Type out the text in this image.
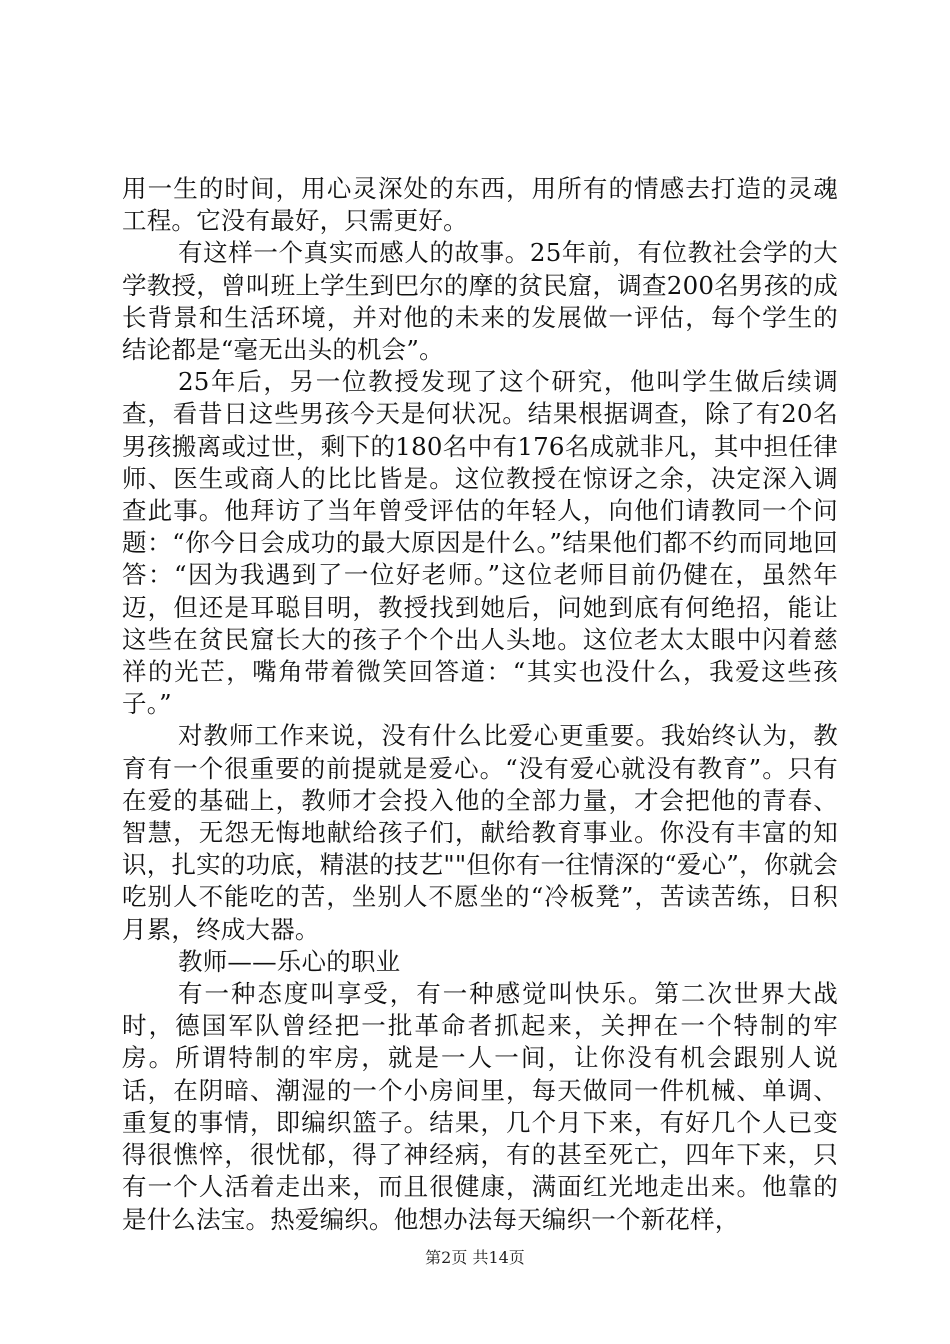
用一生的时间，用心灵深处的东西，用所有的情感去打造的灵魂工程。它没有最好，只需更好。

有这样一个真实而感人的故事。25年前，有位教社会学的大学教授，曾叫班上学生到巴尔的摩的贫民窟，调查200名男孩的成长背景和生活环境，并对他的未来的发展做一评估，每个学生的结论都是“毫无出头的机会”。

25年后，另一位教授发现了这个研究，他叫学生做后续调查，看昔日这些男孩今天是何状况。结果根据调查，除了有20名男孩搬离或过世，剩下的180名中有176名成就非凡，其中担任律师、医生或商人的比比皆是。这位教授在惊讶之余，决定深入调查此事。他拜访了当年曾受评估的年轻人，向他们请教同一个问题：“你今日会成功的最大原因是什么。”结果他们都不约而同地回答：“因为我遇到了一位好老师。”这位老师目前仍健在，虽然年迈，但还是耳聪目明，教授找到她后，问她到底有何绝招，能让这些在贫民窟长大的孩子个个出人头地。这位老太太眼中闪着慈祥的光芒，嘴角带着微笑回答道：“其实也没什么，我爱这些孩子。”

对教师工作来说，没有什么比爱心更重要。我始终认为，教育有一个很重要的前提就是爱心。“没有爱心就没有教育”。只有在爱的基础上，教师才会投入他的全部力量，才会把他的青春、智慧，无怨无悔地献给孩子们，献给教育事业。你没有丰富的知识，扎实的功底，精湛的技艺""但你有一往情深的“爱心”，你就会吃别人不能吃的苦，坐别人不愿坐的“冷板凳”，苦读苦练，日积月累，终成大器。

教师——乐心的职业

有一种态度叫享受，有一种感觉叫快乐。第二次世界大战时，德国军队曾经把一批革命者抓起来，关押在一个特制的牢房。所谓特制的牢房，就是一人一间，让你没有机会跟别人说话，在阴暗、潮湿的一个小房间里，每天做同一件机械、单调、重复的事情，即编织篮子。结果，几个月下来，有好几个人已变得很憔悴，很忧郁，得了神经病，有的甚至死亡，四年下来，只有一个人活着走出来，而且很健康，满面红光地走出来。他靠的是什么法宝。热爱编织。他想办法每天编织一个新花样，

第2页 共14页
